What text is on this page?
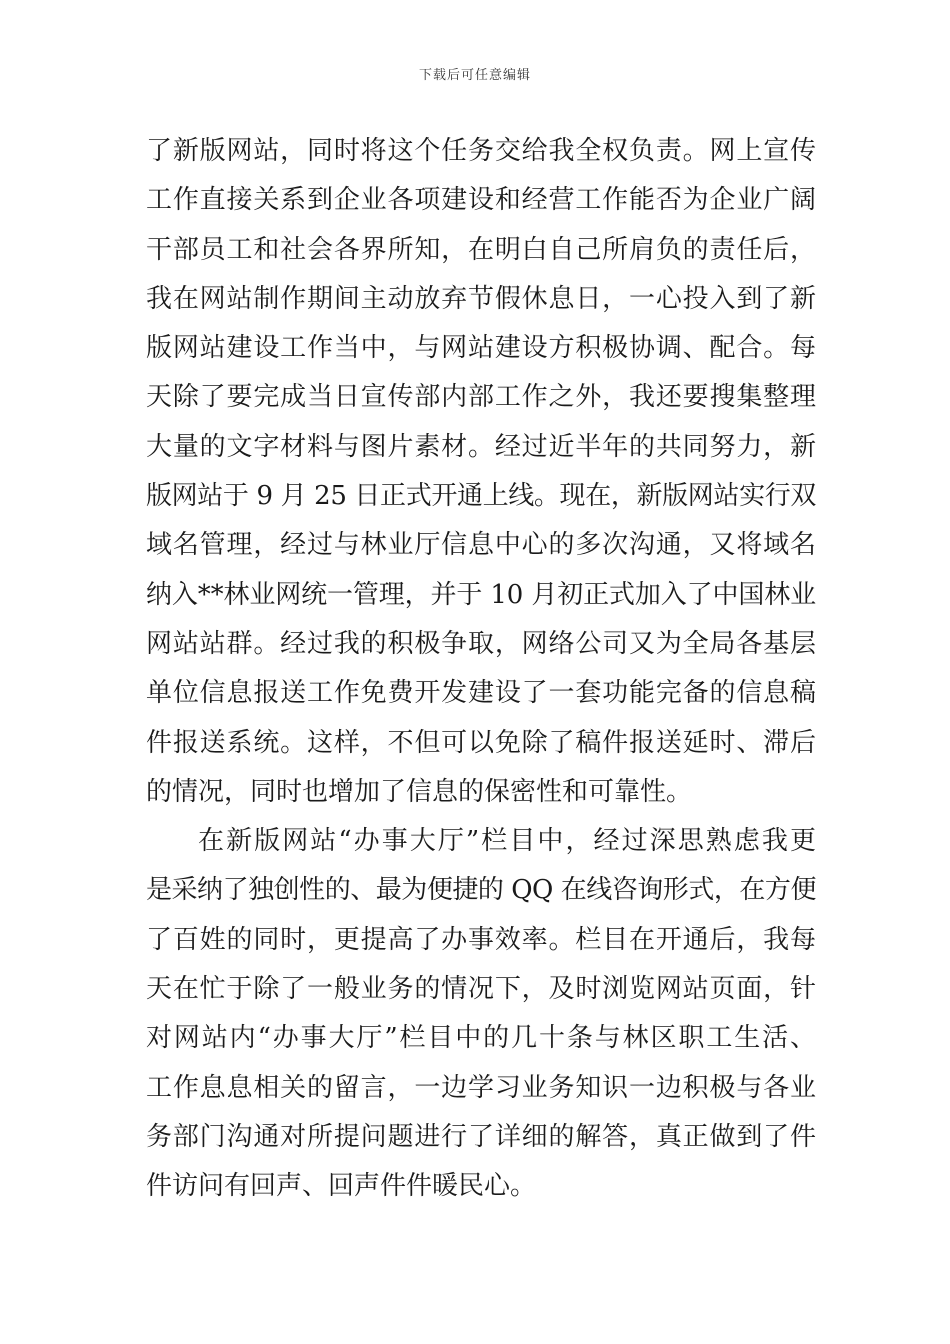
下载后可任意编辑
了新版网站，同时将这个任务交给我全权负责。网上宣传
工作直接关系到企业各项建设和经营工作能否为企业广阔
干部员工和社会各界所知，在明白自己所肩负的责任后，
我在网站制作期间主动放弃节假休息日，一心投入到了新
版网站建设工作当中，与网站建设方积极协调、配合。每
天除了要完成当日宣传部内部工作之外，我还要搜集整理
大量的文字材料与图片素材。经过近半年的共同努力，新
版网站于 9 月 25 日正式开通上线。现在，新版网站实行双
域名管理，经过与林业厅信息中心的多次沟通，又将域名
纳入**林业网统一管理，并于 10 月初正式加入了中国林业
网站站群。经过我的积极争取，网络公司又为全局各基层
单位信息报送工作免费开发建设了一套功能完备的信息稿
件报送系统。这样，不但可以免除了稿件报送延时、滞后
的情况，同时也增加了信息的保密性和可靠性。
在新版网站“办事大厅”栏目中，经过深思熟虑我更
是采纳了独创性的、最为便捷的 QQ 在线咨询形式，在方便
了百姓的同时，更提高了办事效率。栏目在开通后，我每
天在忙于除了一般业务的情况下，及时浏览网站页面，针
对网站内“办事大厅”栏目中的几十条与林区职工生活、
工作息息相关的留言，一边学习业务知识一边积极与各业
务部门沟通对所提问题进行了详细的解答，真正做到了件
件访问有回声、回声件件暖民心。
